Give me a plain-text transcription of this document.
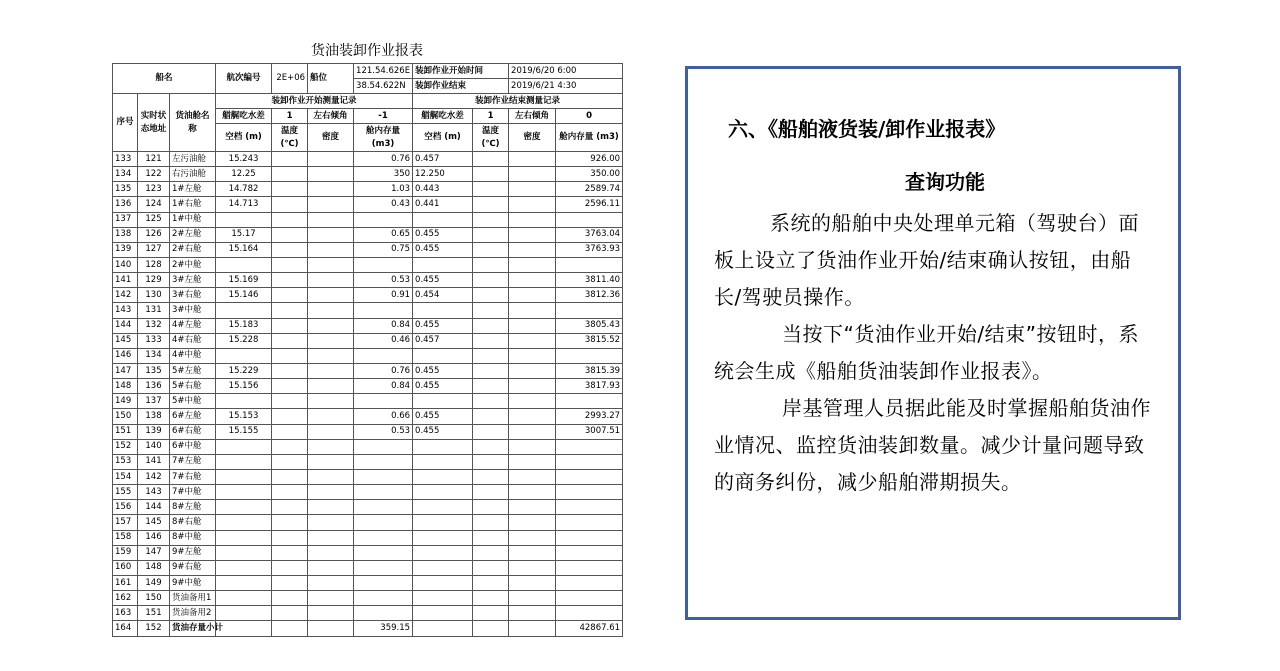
货油装卸作业报表
船名			航次编号	2E+06	船位	121.54.626E	装卸作业开始时间		2019/6/20 6:00	
						38.54.622N	装卸作业结束		2019/6/21 4:30	
序号	实时状态地址	货油舱名称	装卸作业开始测量记录				装卸作业结束测量记录			
			艏艉吃水差	1	左右倾角	-1	艏艉吃水差	1	左右倾角	0
			空档 (m)	温度 (℃)	密度	舱内存量 (m3)	空档 (m)	温度 (℃)	密度	舱内存量 (m3)
133	121	左污油舱	15.243			0.76	0.457			926.00
134	122	右污油舱	12.25			350	12.250			350.00
135	123	1#左舱	14.782			1.03	0.443			2589.74
136	124	1#右舱	14.713			0.43	0.441			2596.11
137	125	1#中舱								
138	126	2#左舱	15.17			0.65	0.455			3763.04
139	127	2#右舱	15.164			0.75	0.455			3763.93
140	128	2#中舱								
141	129	3#左舱	15.169			0.53	0.455			3811.40
142	130	3#右舱	15.146			0.91	0.454			3812.36
143	131	3#中舱								
144	132	4#左舱	15.183			0.84	0.455			3805.43
145	133	4#右舱	15.228			0.46	0.457			3815.52
146	134	4#中舱								
147	135	5#左舱	15.229			0.76	0.455			3815.39
148	136	5#右舱	15.156			0.84	0.455			3817.93
149	137	5#中舱								
150	138	6#左舱	15.153			0.66	0.455			2993.27
151	139	6#右舱	15.155			0.53	0.455			3007.51
152	140	6#中舱								
153	141	7#左舱								
154	142	7#右舱								
155	143	7#中舱								
156	144	8#左舱								
157	145	8#右舱								
158	146	8#中舱								
159	147	9#左舱								
160	148	9#右舱								
161	149	9#中舱								
162	150	货油备用1								
163	151	货油备用2								
164	152	货油存量小计				359.15				42867.61
六、《船舶液货装/卸作业报表》
查询功能

系统的船舶中央处理单元箱（驾驶台）面板上设立了货油作业开始/结束确认按钮，由船长/驾驶员操作。

当按下“货油作业开始/结束”按钮时，系统会生成《船舶货油装卸作业报表》。

岸基管理人员据此能及时掌握船舶货油作业情况、监控货油装卸数量。减少计量问题导致的商务纠份，减少船舶滞期损失。
